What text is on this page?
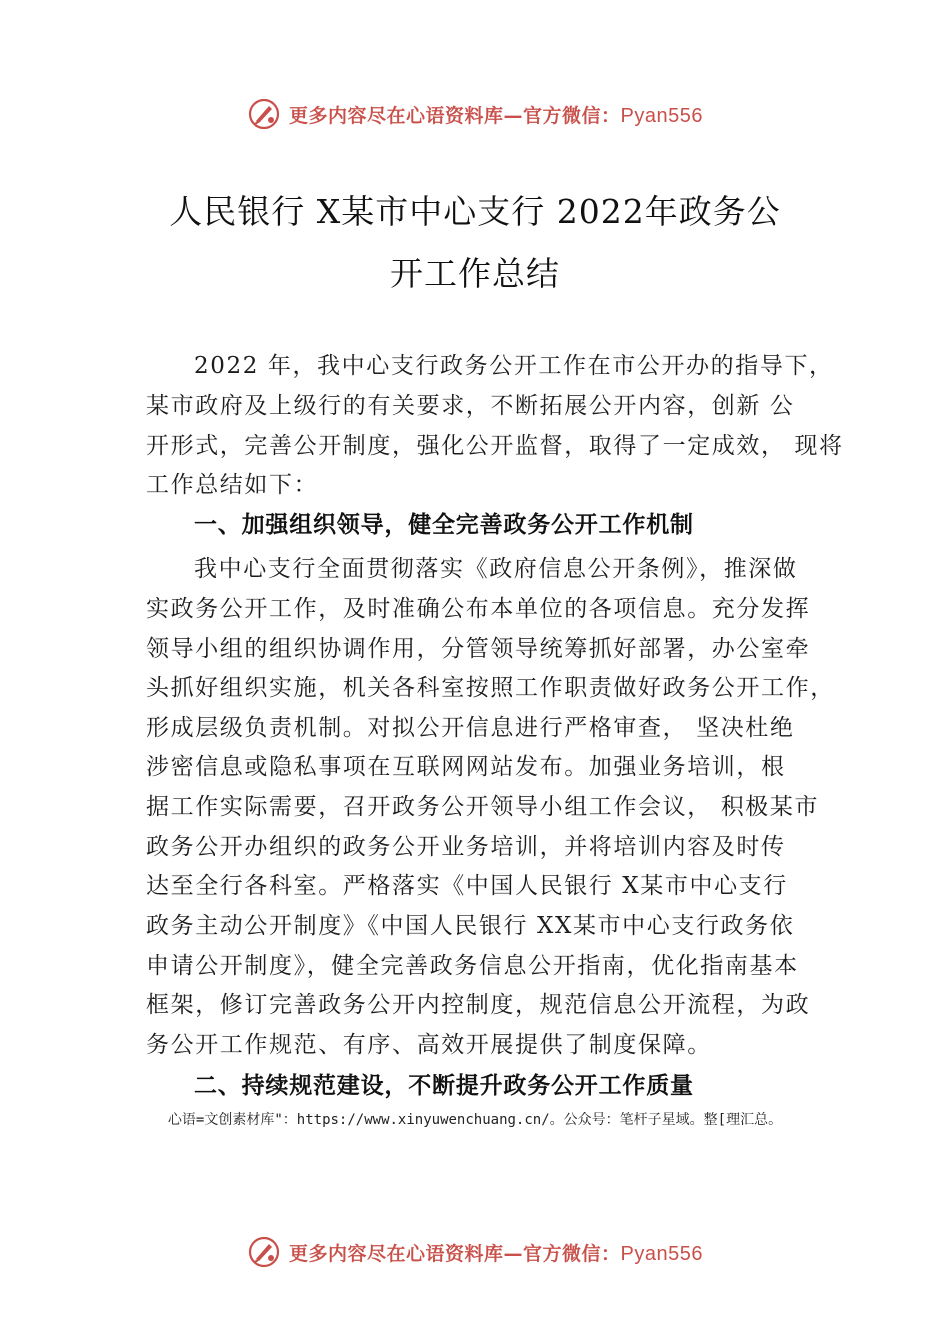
更多内容尽在心语资料库—官方微信：Pyan556
人民银行 X某市中心支行 2022年政务公
开工作总结
2022 年，我中心支行政务公开工作在市公开办的指导下，
某市政府及上级行的有关要求，不断拓展公开内容，创新 公
开形式，完善公开制度，强化公开监督，取得了一定成效， 现将
工作总结如下：
一、加强组织领导，健全完善政务公开工作机制
我中心支行全面贯彻落实《政府信息公开条例》，推深做
实政务公开工作，及时准确公布本单位的各项信息。充分发挥
领导小组的组织协调作用，分管领导统筹抓好部署，办公室牵
头抓好组织实施，机关各科室按照工作职责做好政务公开工作，
形成层级负责机制。对拟公开信息进行严格审查， 坚决杜绝
涉密信息或隐私事项在互联网网站发布。加强业务培训，根
据工作实际需要，召开政务公开领导小组工作会议， 积极某市
政务公开办组织的政务公开业务培训，并将培训内容及时传
达至全行各科室。严格落实《中国人民银行 X某市中心支行
政务主动公开制度》《中国人民银行 XX某市中心支行政务依
申请公开制度》，健全完善政务信息公开指南，优化指南基本
框架，修订完善政务公开内控制度，规范信息公开流程，为政
务公开工作规范、有序、高效开展提供了制度保障。
二、持续规范建设，不断提升政务公开工作质量
心语=文创素材库"：https://www.xinyuwenchuang.cn/。公众号：笔杆子星域。整[理汇总。
更多内容尽在心语资料库—官方微信：Pyan556
